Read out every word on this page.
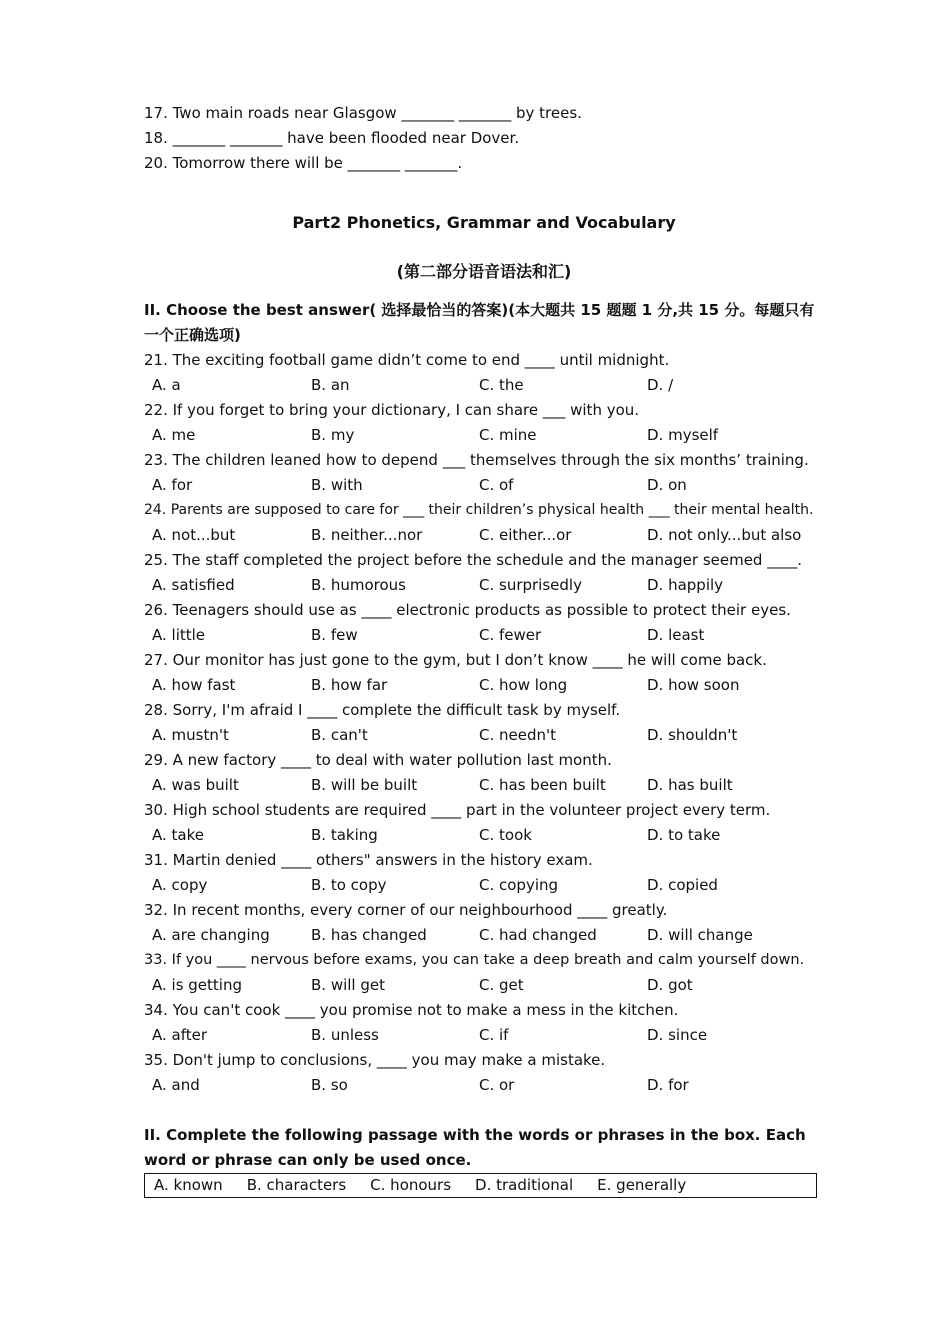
17. Two main roads near Glasgow _______ _______ by trees.
18. _______ _______ have been flooded near Dover.
20. Tomorrow there will be _______ _______.
Part2 Phonetics, Grammar and Vocabulary
(第二部分语音语法和汇)
II. Choose the best answer( 选择最恰当的答案)(本大题共 15 题题 1 分,共 15 分。每题只有一个正确选项)
21. The exciting football game didn’t come to end ____ until midnight.
A. a	B. an	C. the	D. /
22. If you forget to bring your dictionary, I can share ___ with you.
A. me	B. my	C. mine	D. myself
23. The children leaned how to depend ___ themselves through the six months’ training.
A. for	B. with	C. of	D. on
24. Parents are supposed to care for ___ their children’s physical health ___ their mental health.
A. not...but	B. neither...nor	C. either...or	D. not only...but also
25. The staff completed the project before the schedule and the manager seemed ____.
A. satisfied	B. humorous	C. surprisedly	D. happily
26. Teenagers should use as ____ electronic products as possible to protect their eyes.
A. little	B. few	C. fewer	D. least
27. Our monitor has just gone to the gym, but I don’t know ____ he will come back.
A. how fast	B. how far	C. how long	D. how soon
28. Sorry, I'm afraid I ____ complete the difficult task by myself.
A. mustn't	B. can't	C. needn't	D. shouldn't
29. A new factory ____ to deal with water pollution last month.
A. was built	B. will be built	C. has been built	D. has built
30. High school students are required ____ part in the volunteer project every term.
A. take	B. taking	C. took	D. to take
31. Martin denied ____ others" answers in the history exam.
A. copy	B. to copy	C. copying	D. copied
32. In recent months, every corner of our neighbourhood ____ greatly.
A. are changing	B. has changed	C. had changed	D. will change
33. If you ____ nervous before exams, you can take a deep breath and calm yourself down.
A. is getting	B. will get	C. get	D. got
34. You can't cook ____ you promise not to make a mess in the kitchen.
A. after	B. unless	C. if	D. since
35. Don't jump to conclusions, ____ you may make a mistake.
A. and	B. so	C. or	D. for
II. Complete the following passage with the words or phrases in the box. Each word or phrase can only be used once.
A. known B. characters C. honours D. traditional E. generally
